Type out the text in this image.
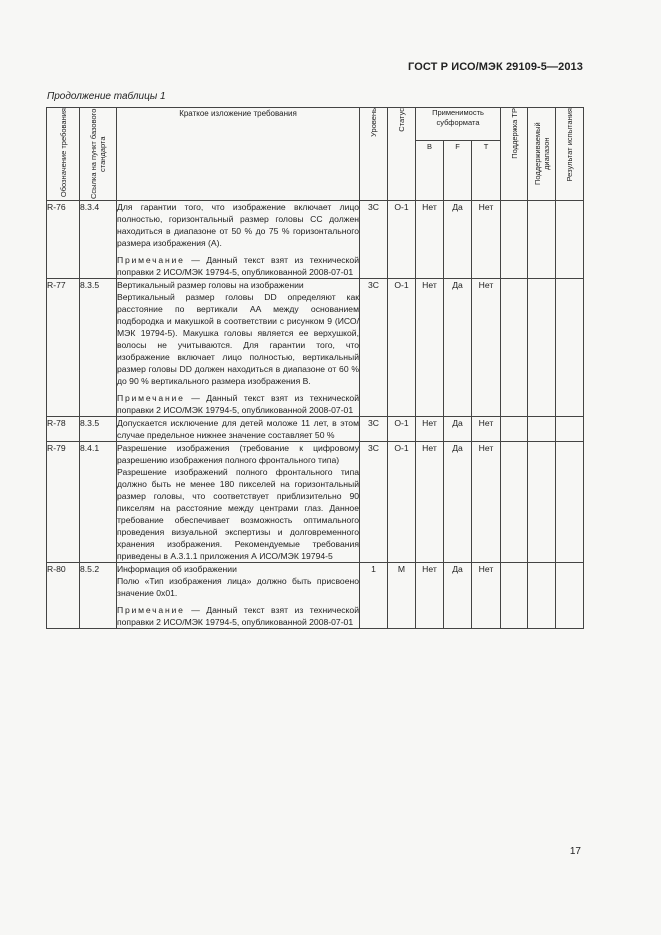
ГОСТ Р ИСО/МЭК 29109-5—2013
Продолжение таблицы 1
Обозначение требования	Ссылка на пункт базового стандарта	Краткое изложение требования	Уровень	Статус	Применимость субформата			Поддержка ТР	Поддерживаемый диапазон	Результат испытания

					B	F	T			
R-76	8.3.4	Для гарантии того, что изображение включает лицо полностью, горизонтальный размер головы CC должен находиться в диапазоне от 50 % до 75 % горизонтального размера изображения (A).

Примечание — Данный текст взят из технической поправки 2 ИСО/МЭК 19794-5, опубликованной 2008-07-01	3C	O-1	Нет	Да	Нет			
R-77	8.3.5	Вертикальный размер головы на изображении

Вертикальный размер головы DD определяют как расстояние по вертикали AA между основанием подбородка и макушкой в соответствии с рисунком 9 (ИСО/МЭК 19794-5). Макушка головы является ее верхушкой, волосы не учитываются. Для гарантии того, что изображение включает лицо полностью, вертикальный размер головы DD должен находиться в диапазоне от 60 % до 90 % вертикального размера изображения B.

Примечание — Данный текст взят из технической поправки 2 ИСО/МЭК 19794-5, опубликованной 2008-07-01	3C	O-1	Нет	Да	Нет			
R-78	8.3.5	Допускается исключение для детей моложе 11 лет, в этом случае предельное нижнее значение составляет 50 %	3C	O-1	Нет	Да	Нет			
R-79	8.4.1	Разрешение изображения (требование к цифровому разрешению изображения полного фронтального типа)

Разрешение изображений полного фронтального типа должно быть не менее 180 пикселей на горизонтальный размер головы, что соответствует приблизительно 90 пикселям на расстояние между центрами глаз. Данное требование обеспечивает возможность оптимального проведения визуальной экспертизы и долговременного хранения изображения. Рекомендуемые требования приведены в А.3.1.1 приложения А ИСО/МЭК 19794-5	3C	O-1	Нет	Да	Нет			
R-80	8.5.2	Информация об изображении

Полю «Тип изображения лица» должно быть присвоено значение 0x01.

Примечание — Данный текст взят из технической поправки 2 ИСО/МЭК 19794-5, опубликованной 2008-07-01	1	M	Нет	Да	Нет			
17
